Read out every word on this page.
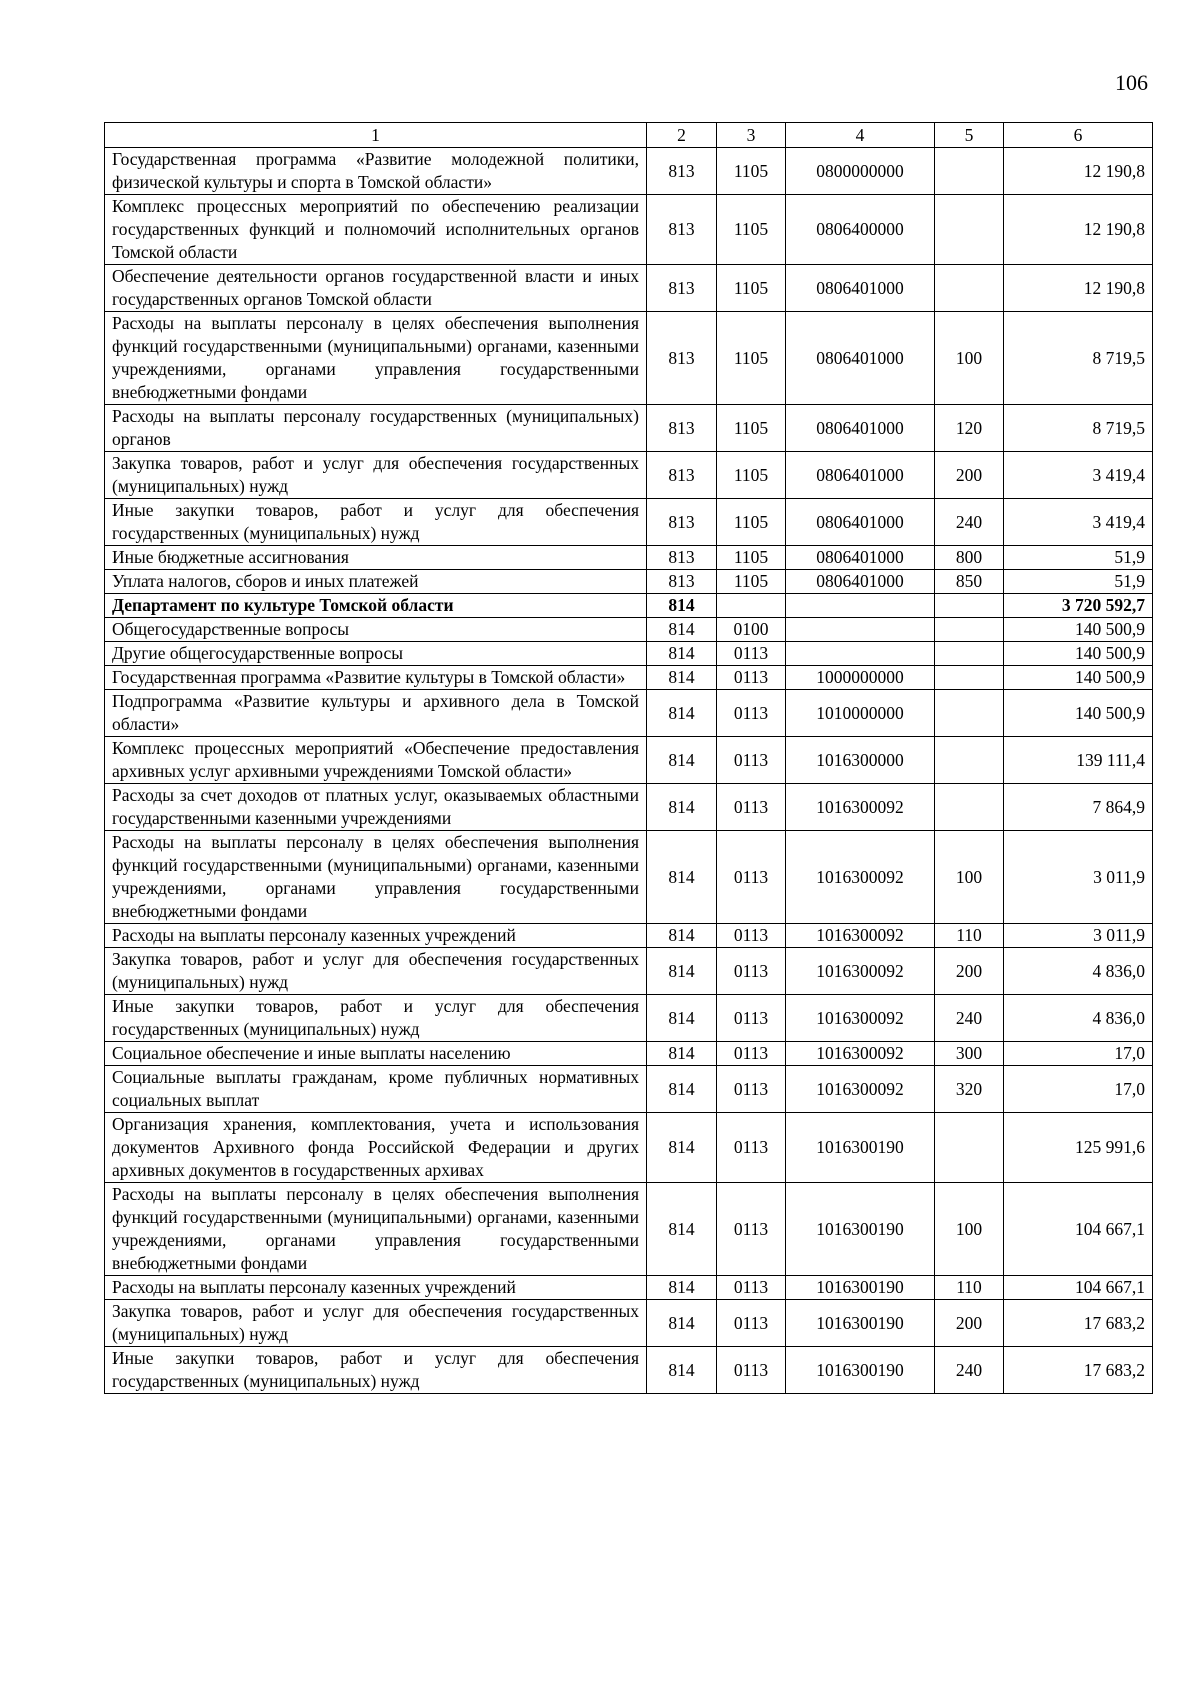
106
1	2	3	4	5	6
Государственная программа «Развитие молодежной политики, физической культуры и спорта в Томской области»	813	1105	0800000000		12 190,8
Комплекс процессных мероприятий по обеспечению реализации государственных функций и полномочий исполнительных органов Томской области	813	1105	0806400000		12 190,8
Обеспечение деятельности органов государственной власти и иных государственных органов Томской области	813	1105	0806401000		12 190,8
Расходы на выплаты персоналу в целях обеспечения выполнения функций государственными (муниципальными) органами, казенными учреждениями, органами управления государственными внебюджетными фондами	813	1105	0806401000	100	8 719,5
Расходы на выплаты персоналу государственных (муниципальных) органов	813	1105	0806401000	120	8 719,5
Закупка товаров, работ и услуг для обеспечения государственных (муниципальных) нужд	813	1105	0806401000	200	3 419,4
Иные закупки товаров, работ и услуг для обеспечения государственных (муниципальных) нужд	813	1105	0806401000	240	3 419,4
Иные бюджетные ассигнования	813	1105	0806401000	800	51,9
Уплата налогов, сборов и иных платежей	813	1105	0806401000	850	51,9
Департамент по культуре Томской области	814				3 720 592,7
Общегосударственные вопросы	814	0100			140 500,9
Другие общегосударственные вопросы	814	0113			140 500,9
Государственная программа «Развитие культуры в Томской области»	814	0113	1000000000		140 500,9
Подпрограмма «Развитие культуры и архивного дела в Томской области»	814	0113	1010000000		140 500,9
Комплекс процессных мероприятий «Обеспечение предоставления архивных услуг архивными учреждениями Томской области»	814	0113	1016300000		139 111,4
Расходы за счет доходов от платных услуг, оказываемых областными государственными казенными учреждениями	814	0113	1016300092		7 864,9
Расходы на выплаты персоналу в целях обеспечения выполнения функций государственными (муниципальными) органами, казенными учреждениями, органами управления государственными внебюджетными фондами	814	0113	1016300092	100	3 011,9
Расходы на выплаты персоналу казенных учреждений	814	0113	1016300092	110	3 011,9
Закупка товаров, работ и услуг для обеспечения государственных (муниципальных) нужд	814	0113	1016300092	200	4 836,0
Иные закупки товаров, работ и услуг для обеспечения государственных (муниципальных) нужд	814	0113	1016300092	240	4 836,0
Социальное обеспечение и иные выплаты населению	814	0113	1016300092	300	17,0
Социальные выплаты гражданам, кроме публичных нормативных социальных выплат	814	0113	1016300092	320	17,0
Организация хранения, комплектования, учета и использования документов Архивного фонда Российской Федерации и других архивных документов в государственных архивах	814	0113	1016300190		125 991,6
Расходы на выплаты персоналу в целях обеспечения выполнения функций государственными (муниципальными) органами, казенными учреждениями, органами управления государственными внебюджетными фондами	814	0113	1016300190	100	104 667,1
Расходы на выплаты персоналу казенных учреждений	814	0113	1016300190	110	104 667,1
Закупка товаров, работ и услуг для обеспечения государственных (муниципальных) нужд	814	0113	1016300190	200	17 683,2
Иные закупки товаров, работ и услуг для обеспечения государственных (муниципальных) нужд	814	0113	1016300190	240	17 683,2
